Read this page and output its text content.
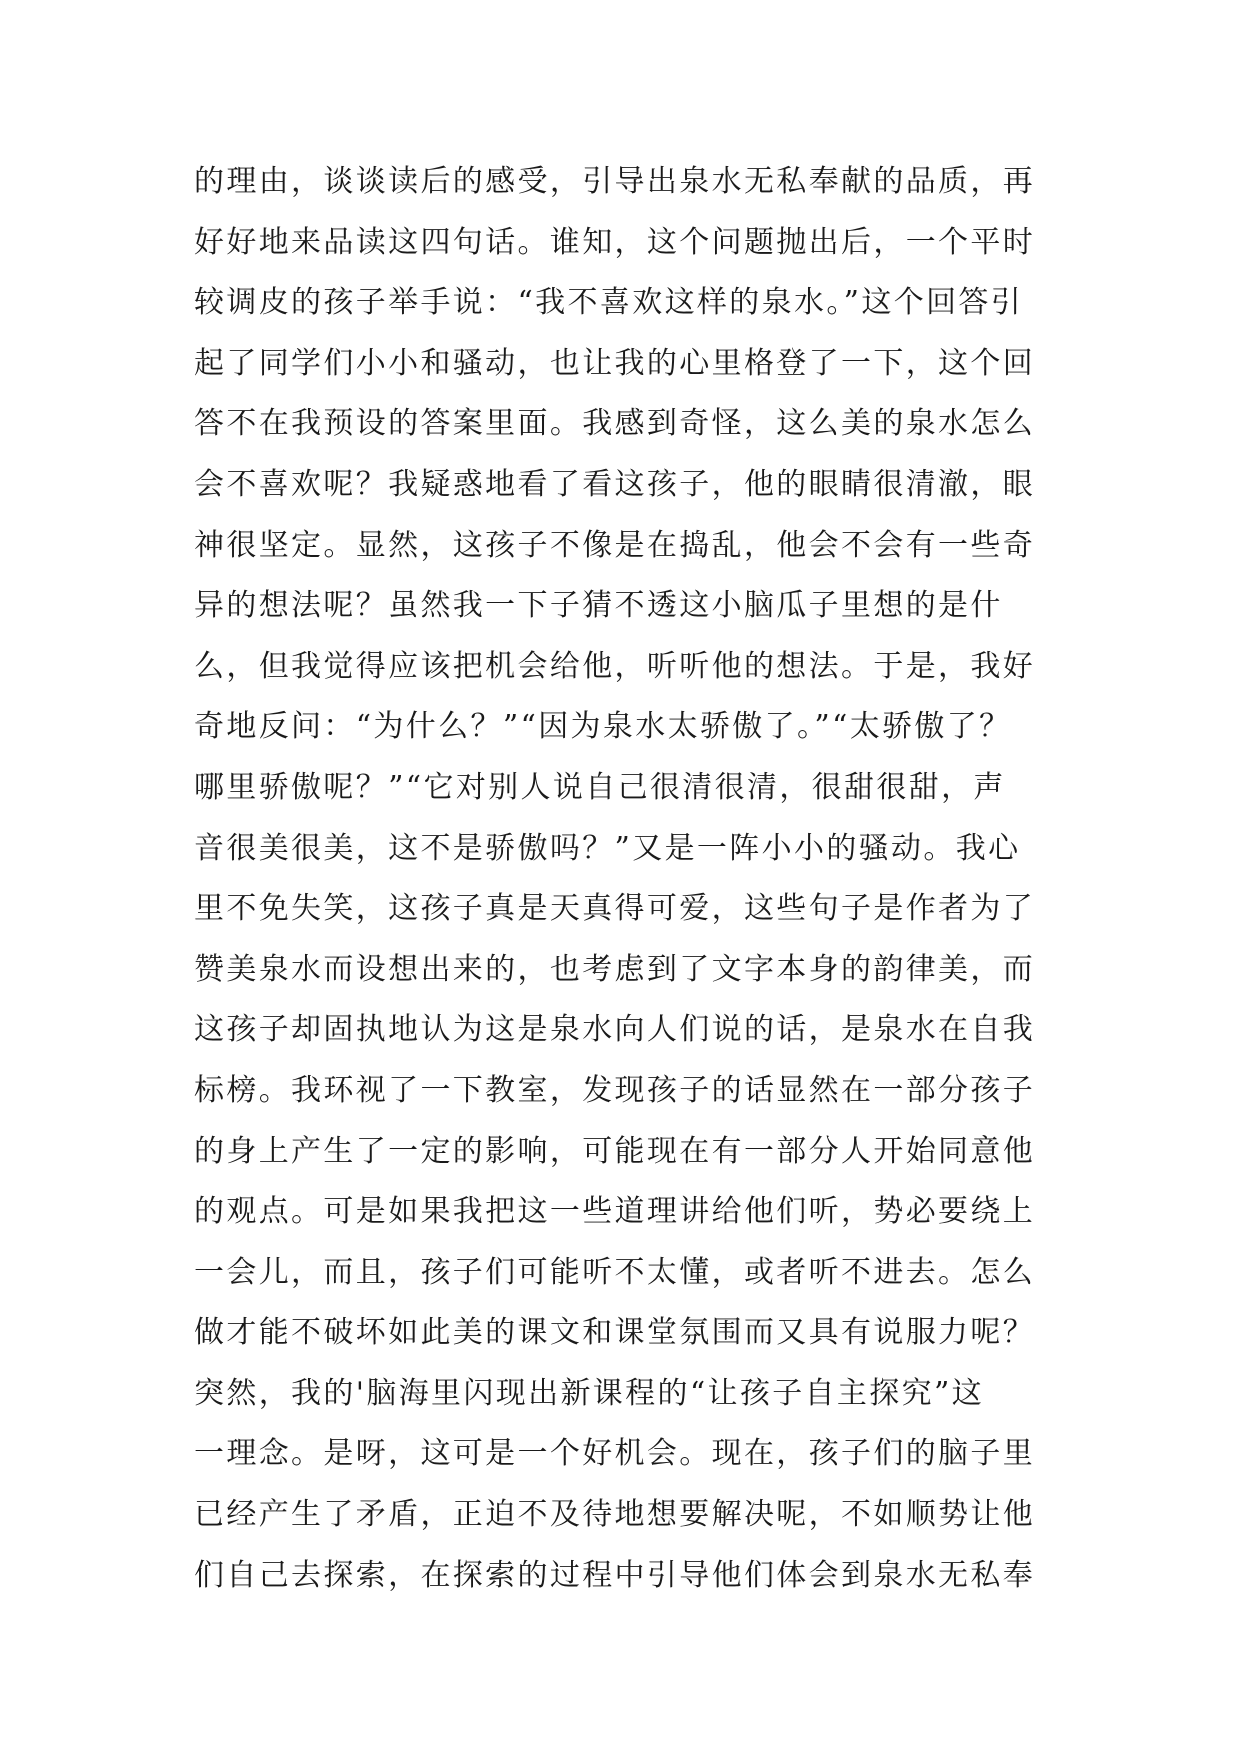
的理由，谈谈读后的感受，引导出泉水无私奉献的品质，再
好好地来品读这四句话。谁知，这个问题抛出后，一个平时
较调皮的孩子举手说：“我不喜欢这样的泉水。”这个回答引
起了同学们小小和骚动，也让我的心里格登了一下，这个回
答不在我预设的答案里面。我感到奇怪，这么美的泉水怎么
会不喜欢呢？我疑惑地看了看这孩子，他的眼睛很清澈，眼
神很坚定。显然，这孩子不像是在捣乱，他会不会有一些奇
异的想法呢？虽然我一下子猜不透这小脑瓜子里想的是什
么，但我觉得应该把机会给他，听听他的想法。于是，我好
奇地反问：“为什么？”“因为泉水太骄傲了。”“太骄傲了？
哪里骄傲呢？”“它对别人说自己很清很清，很甜很甜，声
音很美很美，这不是骄傲吗？”又是一阵小小的骚动。我心
里不免失笑，这孩子真是天真得可爱，这些句子是作者为了
赞美泉水而设想出来的，也考虑到了文字本身的韵律美，而
这孩子却固执地认为这是泉水向人们说的话，是泉水在自我
标榜。我环视了一下教室，发现孩子的话显然在一部分孩子
的身上产生了一定的影响，可能现在有一部分人开始同意他
的观点。可是如果我把这一些道理讲给他们听，势必要绕上
一会儿，而且，孩子们可能听不太懂，或者听不进去。怎么
做才能不破坏如此美的课文和课堂氛围而又具有说服力呢？
突然，我的'脑海里闪现出新课程的“让孩子自主探究”这
一理念。是呀，这可是一个好机会。现在，孩子们的脑子里
已经产生了矛盾，正迫不及待地想要解决呢，不如顺势让他
们自己去探索，在探索的过程中引导他们体会到泉水无私奉
